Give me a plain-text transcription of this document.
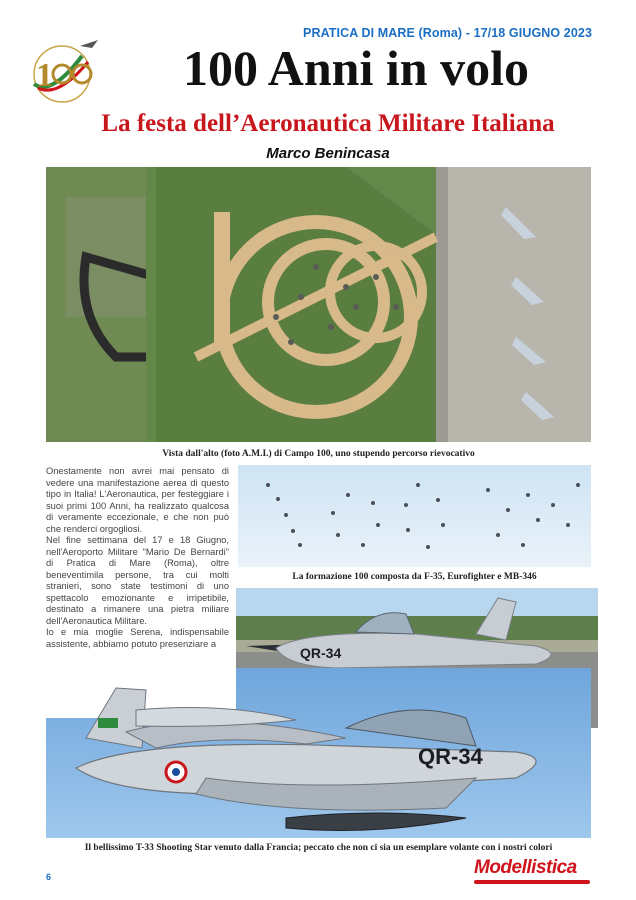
1
PRATICA DI MARE (Roma) - 17/18 GIUGNO 2023
100 Anni in volo
La festa dell’Aeronautica Militare Italiana
Marco Benincasa
Vista dall'alto (foto A.M.I.) di Campo 100, uno stupendo percorso rievocativo

Onestamente non avrei mai pensato di vedere una manifestazione aerea di questo tipo in Italia! L'Aeronautica, per festeggiare i suoi primi 100 Anni, ha realizzato qualcosa di veramente eccezionale, e che non può che renderci orgogliosi.

Nel fine settimana del 17 e 18 Giugno, nell'Aeroporto Militare "Mario De Bernardi" di Pratica di Mare (Roma), oltre beneventimila persone, tra cui molti stranieri, sono state testimoni di uno spettacolo emozionante e irripetibile, destinato a rimanere una pietra miliare dell'Aeronautica Militare.

Io e mia moglie Serena, indispensabile assistente, abbiamo potuto presenziare a

La formazione 100 composta da F-35, Eurofighter e MB-346
QR-34
QR-34
Il bellissimo T-33 Shooting Star venuto dalla Francia; peccato che non ci sia un esemplare volante con i nostri colori
6	Modellistica
